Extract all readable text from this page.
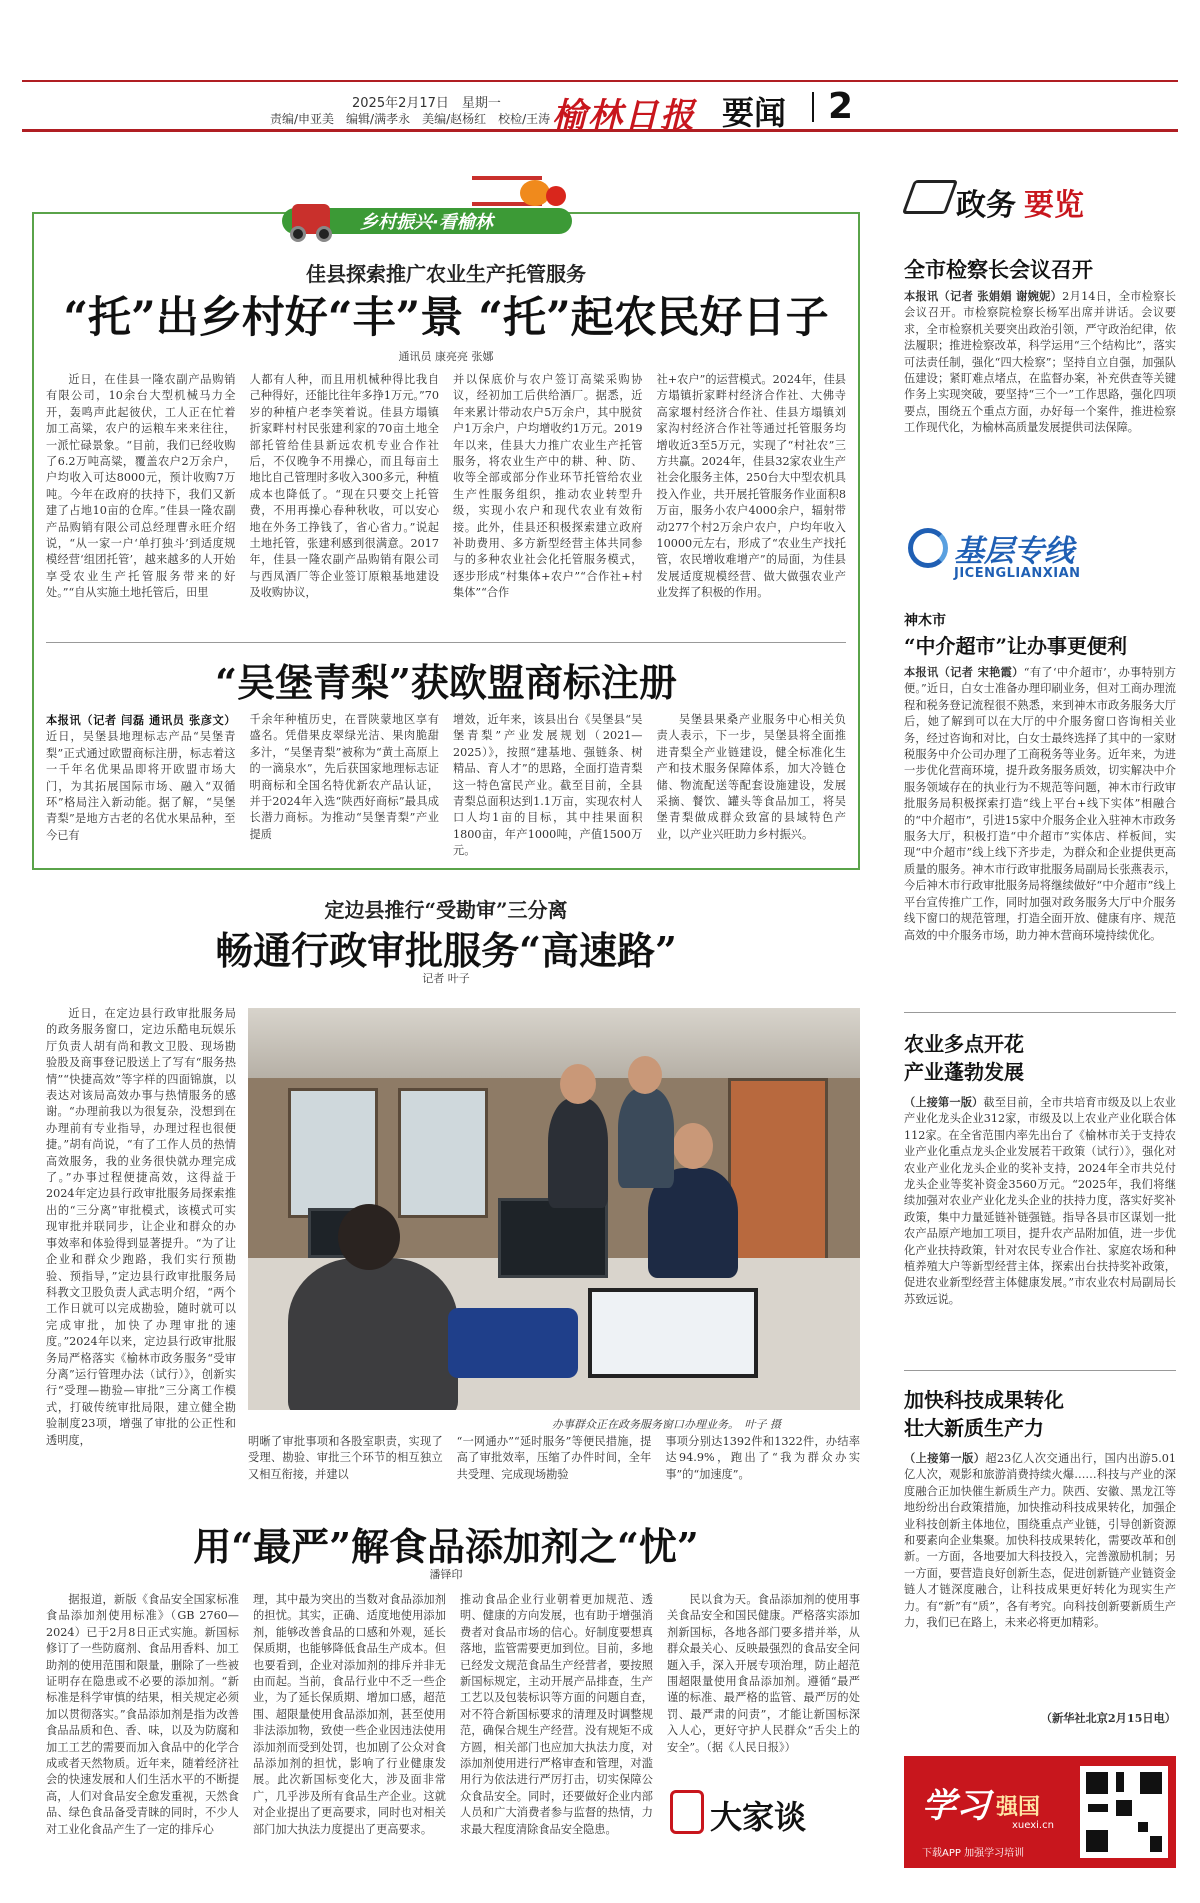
2025年2月17日　星期一
责编/申亚美　编辑/满孝永　美编/赵杨红　校检/王涛 榆林日报 要闻 2
乡村振兴·看榆林
佳县探索推广农业生产托管服务
“托”出乡村好“丰”景 “托”起农民好日子
通讯员 康亮亮 张娜

近日，在佳县一隆农副产品购销有限公司，10余台大型机械马力全开，轰鸣声此起彼伏，工人正在忙着加工高粱，农户的运粮车来来往往，一派忙碌景象。“目前，我们已经收购了6.2万吨高粱，覆盖农户2万余户，户均收入可达8000元，预计收购7万吨。今年在政府的扶持下，我们又新建了占地10亩的仓库。”佳县一隆农副产品购销有限公司总经理曹永旺介绍说，“从一家一户‘单打独斗’到适度规模经营‘组团托管’，越来越多的人开始享受农业生产托管服务带来的好处。”“自从实施土地托管后，田里

人都有人种，而且用机械种得比我自己种得好，还能比往年多挣1万元。”70岁的种植户老李笑着说。佳县方塌镇折家畔村村民张建利家的70亩土地全部托管给佳县新远农机专业合作社后，不仅晚争不用操心，而且每亩土地比自己管理时多收入300多元，种植成本也降低了。“现在只要交上托管费，不用再操心春种秋收，可以安心地在外务工挣钱了，省心省力。”说起土地托管，张建利感到很满意。2017年，佳县一隆农副产品购销有限公司与西凤酒厂等企业签订原粮基地建设及收购协议，

并以保底价与农户签订高粱采购协议，经初加工后供给酒厂。据悉，近年来累计带动农户5万余户，其中脱贫户1万余户，户均增收约1万元。2019年以来，佳县大力推广农业生产托管服务，将农业生产中的耕、种、防、收等全部或部分作业环节托管给农业生产性服务组织，推动农业转型升级，实现小农户和现代农业有效衔接。此外，佳县还积极探索建立政府补助费用、多方新型经营主体共同参与的多种农业社会化托管服务模式，逐步形成“村集体+农户”“合作社+村集体”“合作

社+农户”的运营模式。2024年，佳县方塌镇折家畔村经济合作社、大佛寺高家堰村经济合作社、佳县方塌镇刘家沟村经济合作社等通过托管服务均增收近3至5万元，实现了“村社农”三方共赢。2024年，佳县32家农业生产社会化服务主体，250台大中型农机具投入作业，共开展托管服务作业面积8万亩，服务小农户4000余户，辐射带动277个村2万余户农户，户均年收入10000元左右，形成了“农业生产找托管，农民增收难增产”的局面，为佳县发展适度规模经营、做大做强农业产业发挥了积极的作用。

“吴堡青梨”获欧盟商标注册

本报讯（记者 闫磊 通讯员 张彦文）近日，吴堡县地理标志产品“吴堡青梨”正式通过欧盟商标注册，标志着这一千年名优果品即将开欧盟市场大门，为其拓展国际市场、融入“双循环”格局注入新动能。据了解，“吴堡青梨”是地方古老的名优水果品种，至今已有

千余年种植历史，在晋陕蒙地区享有盛名。凭借果皮翠绿光洁、果肉脆甜多汁，“吴堡青梨”被称为“黄土高原上的一滴泉水”，先后获国家地理标志证明商标和全国名特优新农产品认证，并于2024年入选“陕西好商标”最具成长潜力商标。为推动“吴堡青梨”产业提质

增效，近年来，该县出台《吴堡县“吴堡青梨”产业发展规划（2021—2025）》，按照“建基地、强链条、树精品、育人才”的思路，全面打造青梨这一特色富民产业。截至目前，全县青梨总面积达到1.1万亩，实现农村人口人均1亩的目标，其中挂果面积1800亩，年产1000吨，产值1500万元。

吴堡县果桑产业服务中心相关负责人表示，下一步，吴堡县将全面推进青梨全产业链建设，健全标准化生产和技术服务保障体系，加大冷链仓储、物流配送等配套设施建设，发展采摘、餐饮、罐头等食品加工，将吴堡青梨做成群众致富的县域特色产业，以产业兴旺助力乡村振兴。

定边县推行“受勘审”三分离
畅通行政审批服务“高速路”
记者 叶子

近日，在定边县行政审批服务局的政务服务窗口，定边乐酷电玩娱乐厅负责人胡有尚和教文卫股、现场勘验股及商事登记股送上了写有“服务热情”“快捷高效”等字样的四面锦旗，以表达对该局高效办事与热情服务的感谢。“办理前我以为很复杂，没想到在办理前有专业指导，办理过程也很便捷。”胡有尚说，“有了工作人员的热情高效服务，我的业务很快就办理完成了。”办事过程便捷高效，这得益于2024年定边县行政审批服务局探索推出的“三分离”审批模式，该模式可实现审批并联同步，让企业和群众的办事效率和体验得到显著提升。“为了让企业和群众少跑路，我们实行预勘验、预指导，”定边县行政审批服务局科教文卫股负责人武志明介绍，“两个工作日就可以完成勘验，随时就可以完成审批，加快了办理审批的速度。”2024年以来，定边县行政审批服务局严格落实《榆林市政务服务“受审分离”运行管理办法（试行）》，创新实行“受理—勘验—审批”三分离工作模式，打破传统审批局限，建立健全勘验制度23项，增强了审批的公正性和透明度，

办事群众正在政务服务窗口办理业务。　叶子 摄

明晰了审批事项和各股室职责，实现了受理、勘验、审批三个环节的相互独立又相互衔接，并建以

“一网通办”“延时服务”等便民措施，提高了审批效率，压缩了办件时间，全年共受理、完成现场勘验

事项分别达1392件和1322件，办结率达94.9%，跑出了“我为群众办实事”的“加速度”。

用“最严”解食品添加剂之“忧”
潘铎印

据报道，新版《食品安全国家标准 食品添加剂使用标准》（GB 2760—2024）已于2月8日正式实施。新国标修订了一些防腐剂、食品用香料、加工助剂的使用范围和限量，删除了一些被证明存在隐患或不必要的添加剂。“新标准是科学审慎的结果，相关规定必须加以贯彻落实。”食品添加剂是指为改善食品品质和色、香、味，以及为防腐和加工工艺的需要而加入食品中的化学合成或者天然物质。近年来，随着经济社会的快速发展和人们生活水平的不断提高，人们对食品安全愈发重视，天然食品、绿色食品备受青睐的同时，不少人对工业化食品产生了一定的排斥心

理，其中最为突出的当数对食品添加剂的担忧。其实，正确、适度地使用添加剂，能够改善食品的口感和外观，延长保质期，也能够降低食品生产成本。但也要看到，企业对添加剂的排斥并非无由而起。当前，食品行业中不乏一些企业，为了延长保质期、增加口感，超范围、超限量使用食品添加剂，甚至使用非法添加物，致使一些企业因违法使用添加剂而受到处罚，也加剧了公众对食品添加剂的担忧，影响了行业健康发展。此次新国标变化大，涉及面非常广，几乎涉及所有食品生产企业。这就对企业提出了更高要求，同时也对相关部门加大执法力度提出了更高要求。

推动食品企业行业朝着更加规范、透明、健康的方向发展，也有助于增强消费者对食品市场的信心。好制度要想真落地，监管需要更加到位。目前，多地已经发文规范食品生产经营者，要按照新国标规定，主动开展产品排查，生产工艺以及包装标识等方面的问题自查，对不符合新国标要求的清理及时调整规范，确保合规生产经营。没有规矩不成方圆，相关部门也应加大执法力度，对添加剂使用进行严格审查和管理，对滥用行为依法进行严厉打击，切实保障公众食品安全。同时，还要做好企业内部人员和广大消费者参与监督的热情，力求最大程度清除食品安全隐患。

民以食为天。食品添加剂的使用事关食品安全和国民健康。严格落实添加剂新国标，各地各部门要多措并举，从群众最关心、反映最强烈的食品安全问题入手，深入开展专项治理，防止超范围超限量使用食品添加剂。遵循“最严谨的标准、最严格的监管、最严厉的处罚、最严肃的问责”，才能让新国标深入人心，更好守护人民群众“舌尖上的安全”。（据《人民日报》）

大家谈
政务 要览
全市检察长会议召开

本报讯（记者 张娟娟 谢婉妮）2月14日，全市检察长会议召开。市检察院检察长杨军出席并讲话。会议要求，全市检察机关要突出政治引领，严守政治纪律，依法履职；推进检察改革，科学运用“三个结构比”，落实可法责任制，强化“四大检察”；坚持自立自强，加强队伍建设；紧盯难点堵点，在监督办案，补充供查等关键作务上实现突破，要坚持“三个一”工作思路，强化四项要点，围绕五个重点方面，办好每一个案件，推进检察工作现代化，为榆林高质量发展提供司法保障。

基层专线
JICENGLIANXIAN
神木市
“中介超市”让办事更便利

本报讯（记者 宋艳霞）“有了‘中介超市’，办事特别方便。”近日，白女士准备办理印刷业务，但对工商办理流程和税务登记流程很不熟悉，来到神木市政务服务大厅后，她了解到可以在大厅的中介服务窗口咨询相关业务，经过咨询和对比，白女士最终选择了其中的一家财税服务中介公司办理了工商税务等业务。近年来，为进一步优化营商环境，提升政务服务质效，切实解决中介服务领域存在的执业行为不规范等问题，神木市行政审批服务局积极探索打造“线上平台+线下实体”相融合的“中介超市”，引进15家中介服务企业入驻神木市政务服务大厅，积极打造“中介超市”实体店、样板间，实现“中介超市”线上线下齐步走，为群众和企业提供更高质量的服务。神木市行政审批服务局副局长张燕表示，今后神木市行政审批服务局将继续做好“中介超市”线上平台宣传推广工作，同时加强对政务服务大厅中介服务线下窗口的规范管理，打造全面开放、健康有序、规范高效的中介服务市场，助力神木营商环境持续优化。

农业多点开花
产业蓬勃发展

（上接第一版）截至目前，全市共培育市级及以上农业产业化龙头企业312家，市级及以上农业产业化联合体112家。在全省范围内率先出台了《榆林市关于支持农业产业化重点龙头企业发展若干政策（试行）》，强化对农业产业化龙头企业的奖补支持，2024年全市共兑付龙头企业等奖补资金3560万元。“2025年，我们将继续加强对农业产业化龙头企业的扶持力度，落实好奖补政策，集中力量延链补链强链。指导各县市区谋划一批农产品原产地加工项目，提升农产品附加值，进一步优化产业扶持政策，针对农民专业合作社、家庭农场和种植养殖大户等新型经营主体，探索出台扶持奖补政策，促进农业新型经营主体健康发展。”市农业农村局副局长苏致远说。

加快科技成果转化
壮大新质生产力

（上接第一版）超23亿人次交通出行，国内出游5.01亿人次，观影和旅游消费持续火爆……科技与产业的深度融合正加快催生新质生产力。陕西、安徽、黑龙江等地纷纷出台政策措施，加快推动科技成果转化，加强企业科技创新主体地位，围绕重点产业链，引导创新资源和要素向企业集聚。加快科技成果转化，需要改革和创新。一方面，各地要加大科技投入，完善激励机制；另一方面，要营造良好创新生态，促进创新链产业链资金链人才链深度融合，让科技成果更好转化为现实生产力。有“新”有“质”，各有考究。向科技创新要新质生产力，我们已在路上，未来必将更加精彩。

（新华社北京2月15日电）
学习 强国
xuexi.cn
下载APP 加强学习培训
